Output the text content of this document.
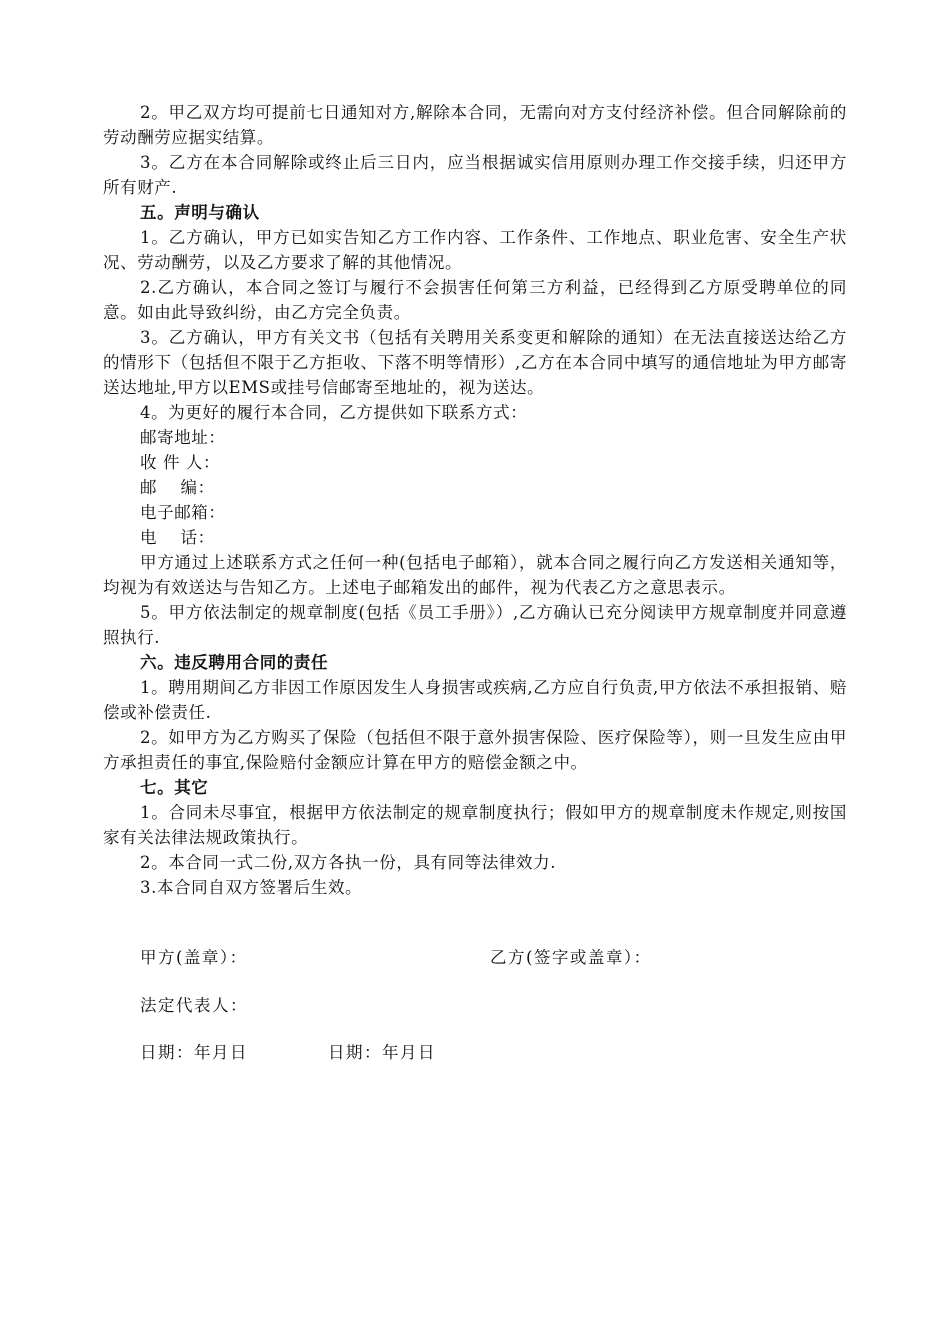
2。甲乙双方均可提前七日通知对方,解除本合同，无需向对方支付经济补偿。但合同解除前的劳动酬劳应据实结算。

3。乙方在本合同解除或终止后三日内，应当根据诚实信用原则办理工作交接手续，归还甲方所有财产.

五。声明与确认

1。乙方确认，甲方已如实告知乙方工作内容、工作条件、工作地点、职业危害、安全生产状况、劳动酬劳，以及乙方要求了解的其他情况。

2.乙方确认，本合同之签订与履行不会损害任何第三方利益，已经得到乙方原受聘单位的同意。如由此导致纠纷，由乙方完全负责。

3。乙方确认，甲方有关文书（包括有关聘用关系变更和解除的通知）在无法直接送达给乙方的情形下（包括但不限于乙方拒收、下落不明等情形）,乙方在本合同中填写的通信地址为甲方邮寄送达地址,甲方以EMS或挂号信邮寄至地址的，视为送达。

4。为更好的履行本合同，乙方提供如下联系方式：

邮寄地址：

收 件 人：

邮    编：

电子邮箱：

电    话：

甲方通过上述联系方式之任何一种(包括电子邮箱），就本合同之履行向乙方发送相关通知等，均视为有效送达与告知乙方。上述电子邮箱发出的邮件，视为代表乙方之意思表示。

5。甲方依法制定的规章制度(包括《员工手册》）,乙方确认已充分阅读甲方规章制度并同意遵照执行.

六。违反聘用合同的责任

1。聘用期间乙方非因工作原因发生人身损害或疾病,乙方应自行负责,甲方依法不承担报销、赔偿或补偿责任.

2。如甲方为乙方购买了保险（包括但不限于意外损害保险、医疗保险等），则一旦发生应由甲方承担责任的事宜,保险赔付金额应计算在甲方的赔偿金额之中。

七。其它

1。合同未尽事宜，根据甲方依法制定的规章制度执行；假如甲方的规章制度未作规定,则按国家有关法律法规政策执行。

2。本合同一式二份,双方各执一份，具有同等法律效力.

3.本合同自双方签署后生效。

甲方(盖章）：	乙方(签字或盖章）：
法定代表人：
日期：年月日	日期：年月日
